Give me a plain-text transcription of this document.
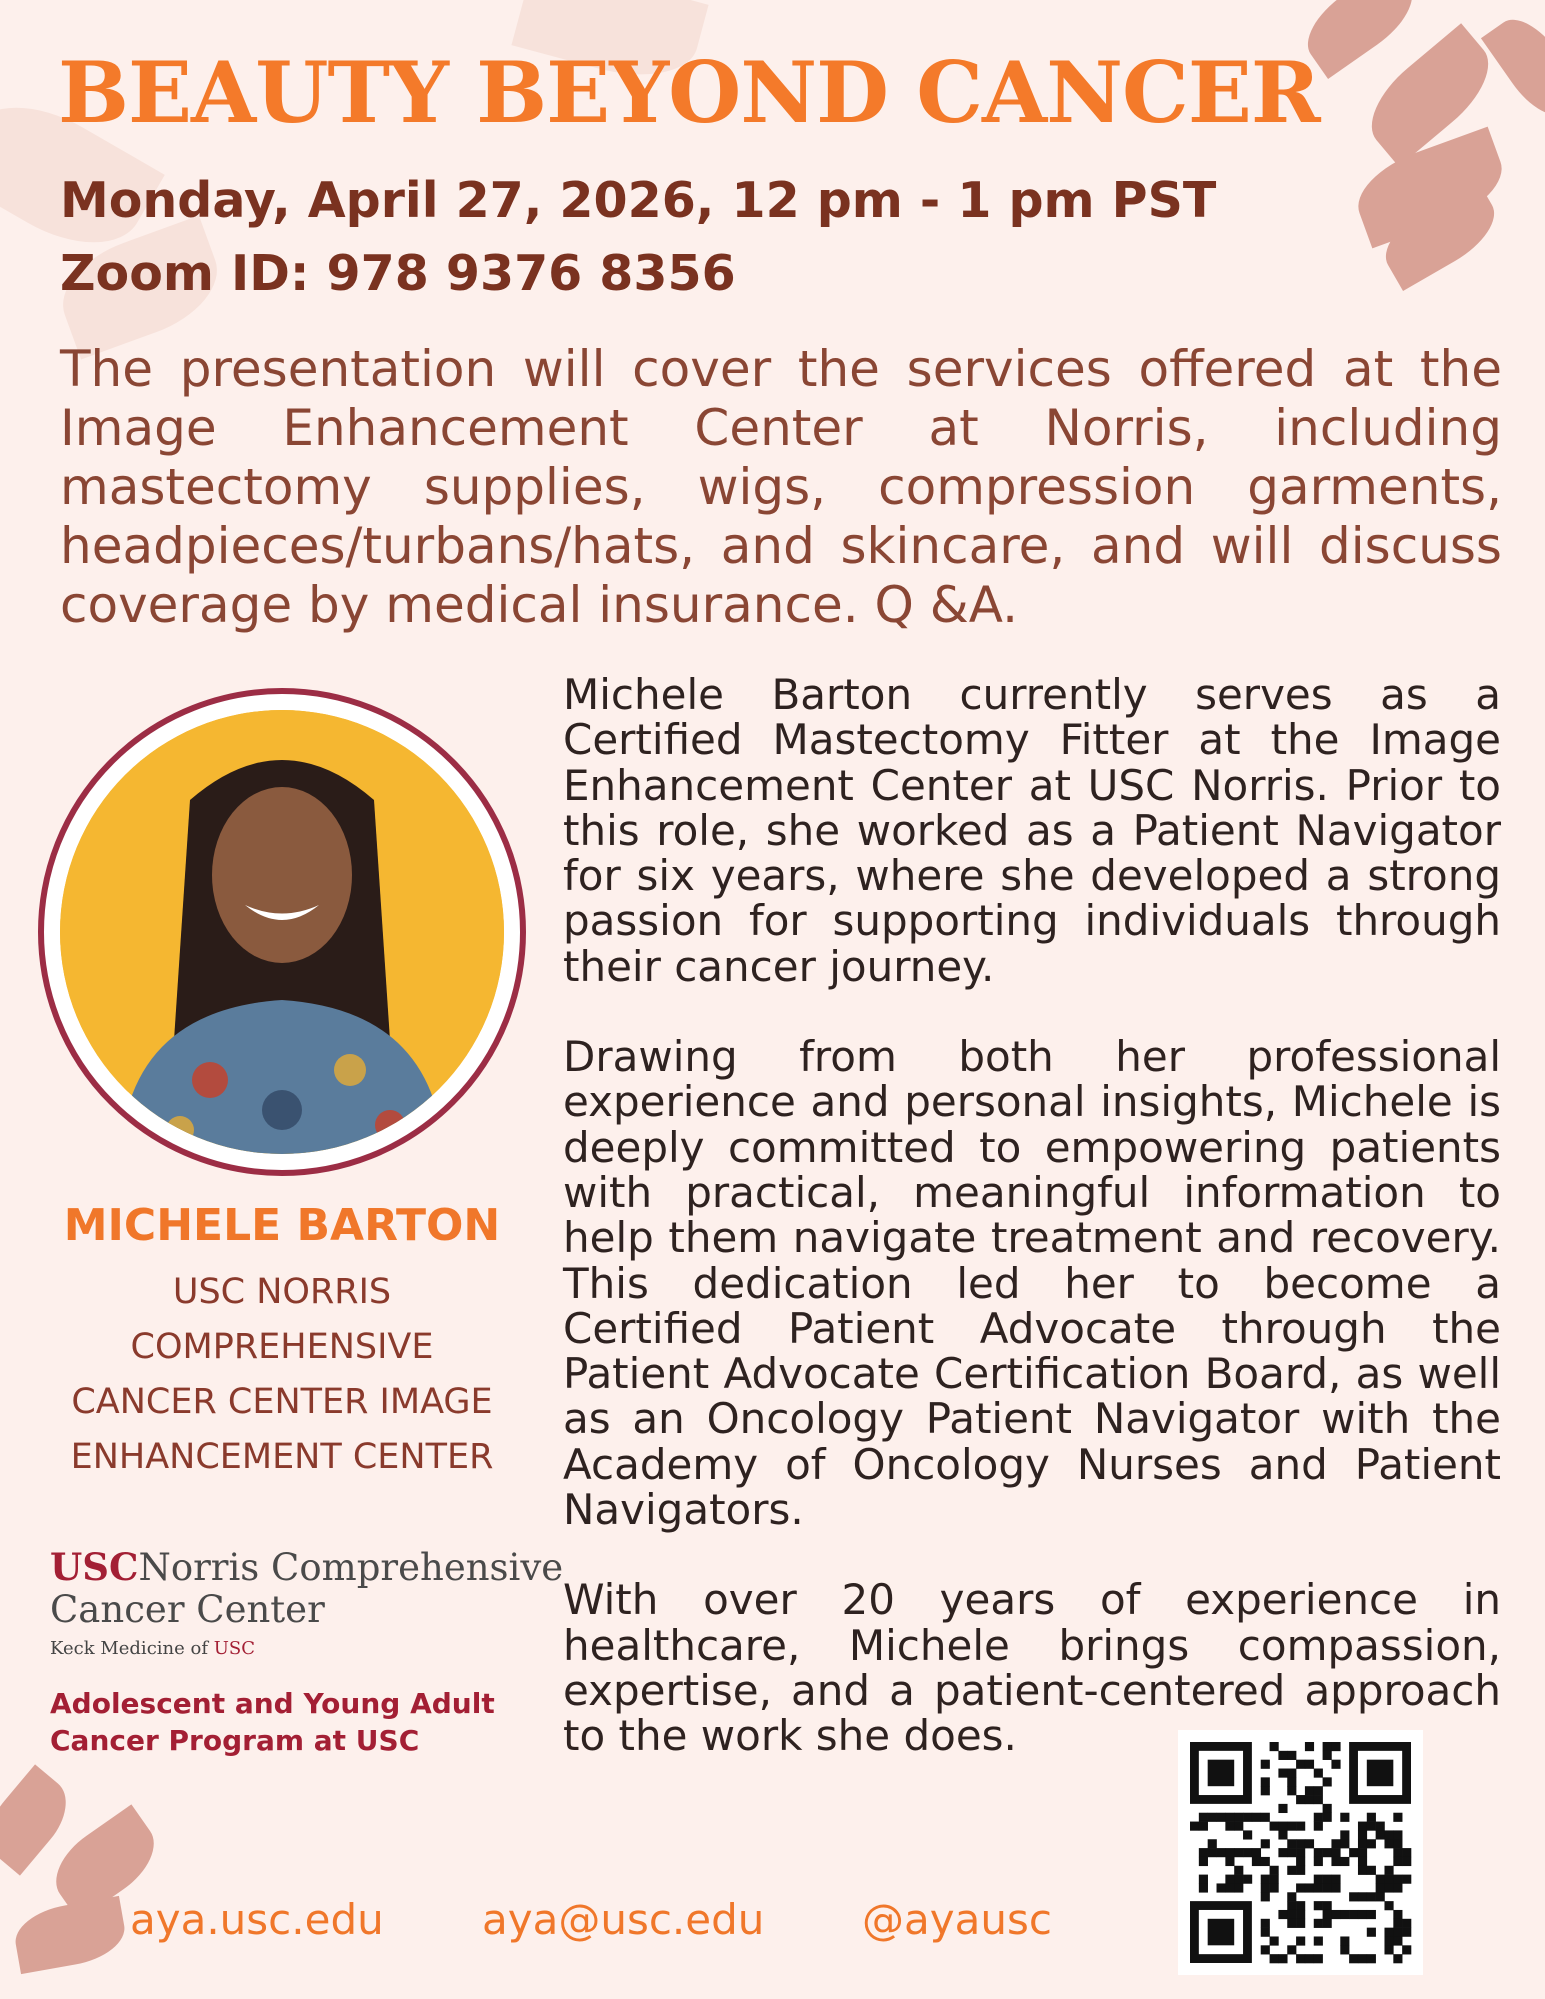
BEAUTY BEYOND CANCER

Monday, April 27, 2026, 12 pm - 1 pm PST

Zoom ID: 978 9376 8356

The presentation will cover the services offered at the Image Enhancement Center at Norris, including mastectomy supplies, wigs, compression garments, headpieces/turbans/hats, and skincare, and will discuss coverage by medical insurance. Q &A.

MICHELE BARTON

USC NORRIS
COMPREHENSIVE
CANCER CENTER IMAGE
ENHANCEMENT CENTER
USCNorris Comprehensive
Cancer Center

Keck Medicine of USC

Adolescent and Young Adult
Cancer Program at USC

Michele Barton currently serves as a Certified Mastectomy Fitter at the Image Enhancement Center at USC Norris. Prior to this role, she worked as a Patient Navigator for six years, where she developed a strong passion for supporting individuals through their cancer journey.

Drawing from both her professional experience and personal insights, Michele is deeply committed to empowering patients with practical, meaningful information to help them navigate treatment and recovery. This dedication led her to become a Certified Patient Advocate through the Patient Advocate Certification Board, as well as an Oncology Patient Navigator with the Academy of Oncology Nurses and Patient Navigators.

With over 20 years of experience in healthcare, Michele brings compassion, expertise, and a patient-centered approach to the work she does.

aya.usc.edu aya@usc.edu @ayausc
